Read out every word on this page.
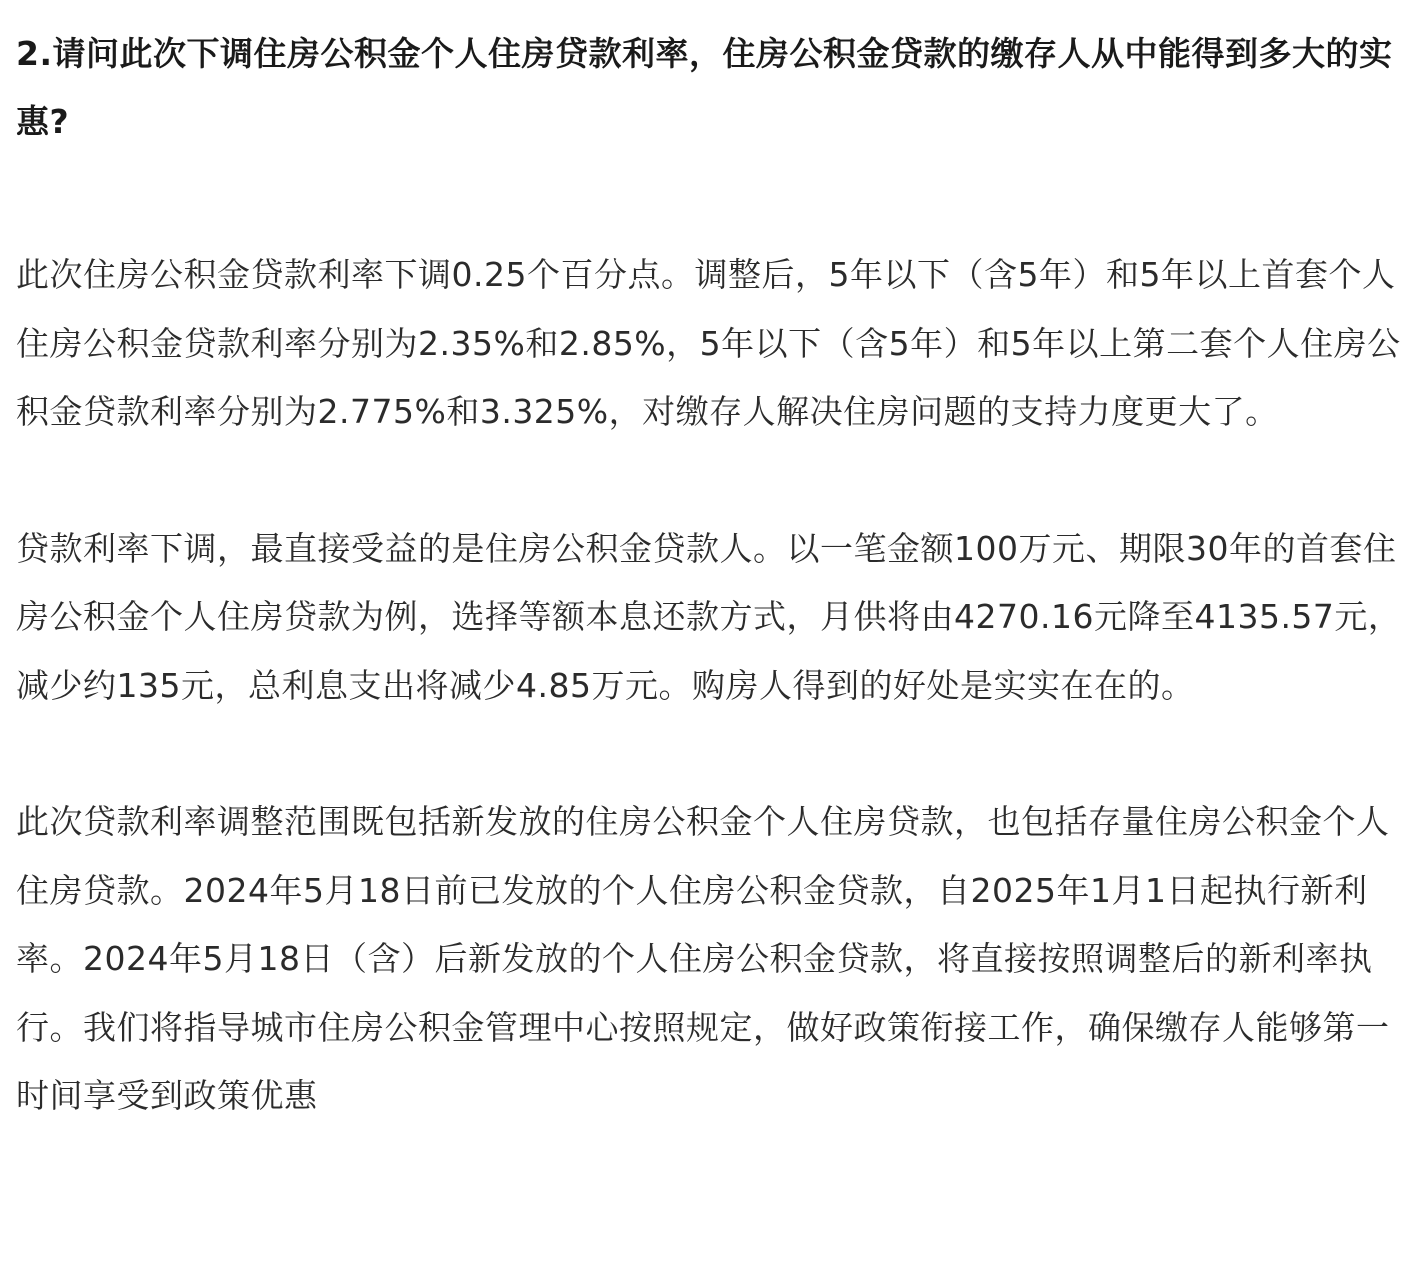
2.请问此次下调住房公积金个人住房贷款利率，住房公积金贷款的缴存人从中能得到多大的实惠?

此次住房公积金贷款利率下调0.25个百分点。调整后，5年以下（含5年）和5年以上首套个人住房公积金贷款利率分别为2.35%和2.85%，5年以下（含5年）和5年以上第二套个人住房公积金贷款利率分别为2.775%和3.325%，对缴存人解决住房问题的支持力度更大了。

贷款利率下调，最直接受益的是住房公积金贷款人。以一笔金额100万元、期限30年的首套住房公积金个人住房贷款为例，选择等额本息还款方式，月供将由4270.16元降至4135.57元，减少约135元，总利息支出将减少4.85万元。购房人得到的好处是实实在在的。

此次贷款利率调整范围既包括新发放的住房公积金个人住房贷款，也包括存量住房公积金个人住房贷款。2024年5月18日前已发放的个人住房公积金贷款，自2025年1月1日起执行新利率。2024年5月18日（含）后新发放的个人住房公积金贷款，将直接按照调整后的新利率执行。我们将指导城市住房公积金管理中心按照规定，做好政策衔接工作，确保缴存人能够第一时间享受到政策优惠
